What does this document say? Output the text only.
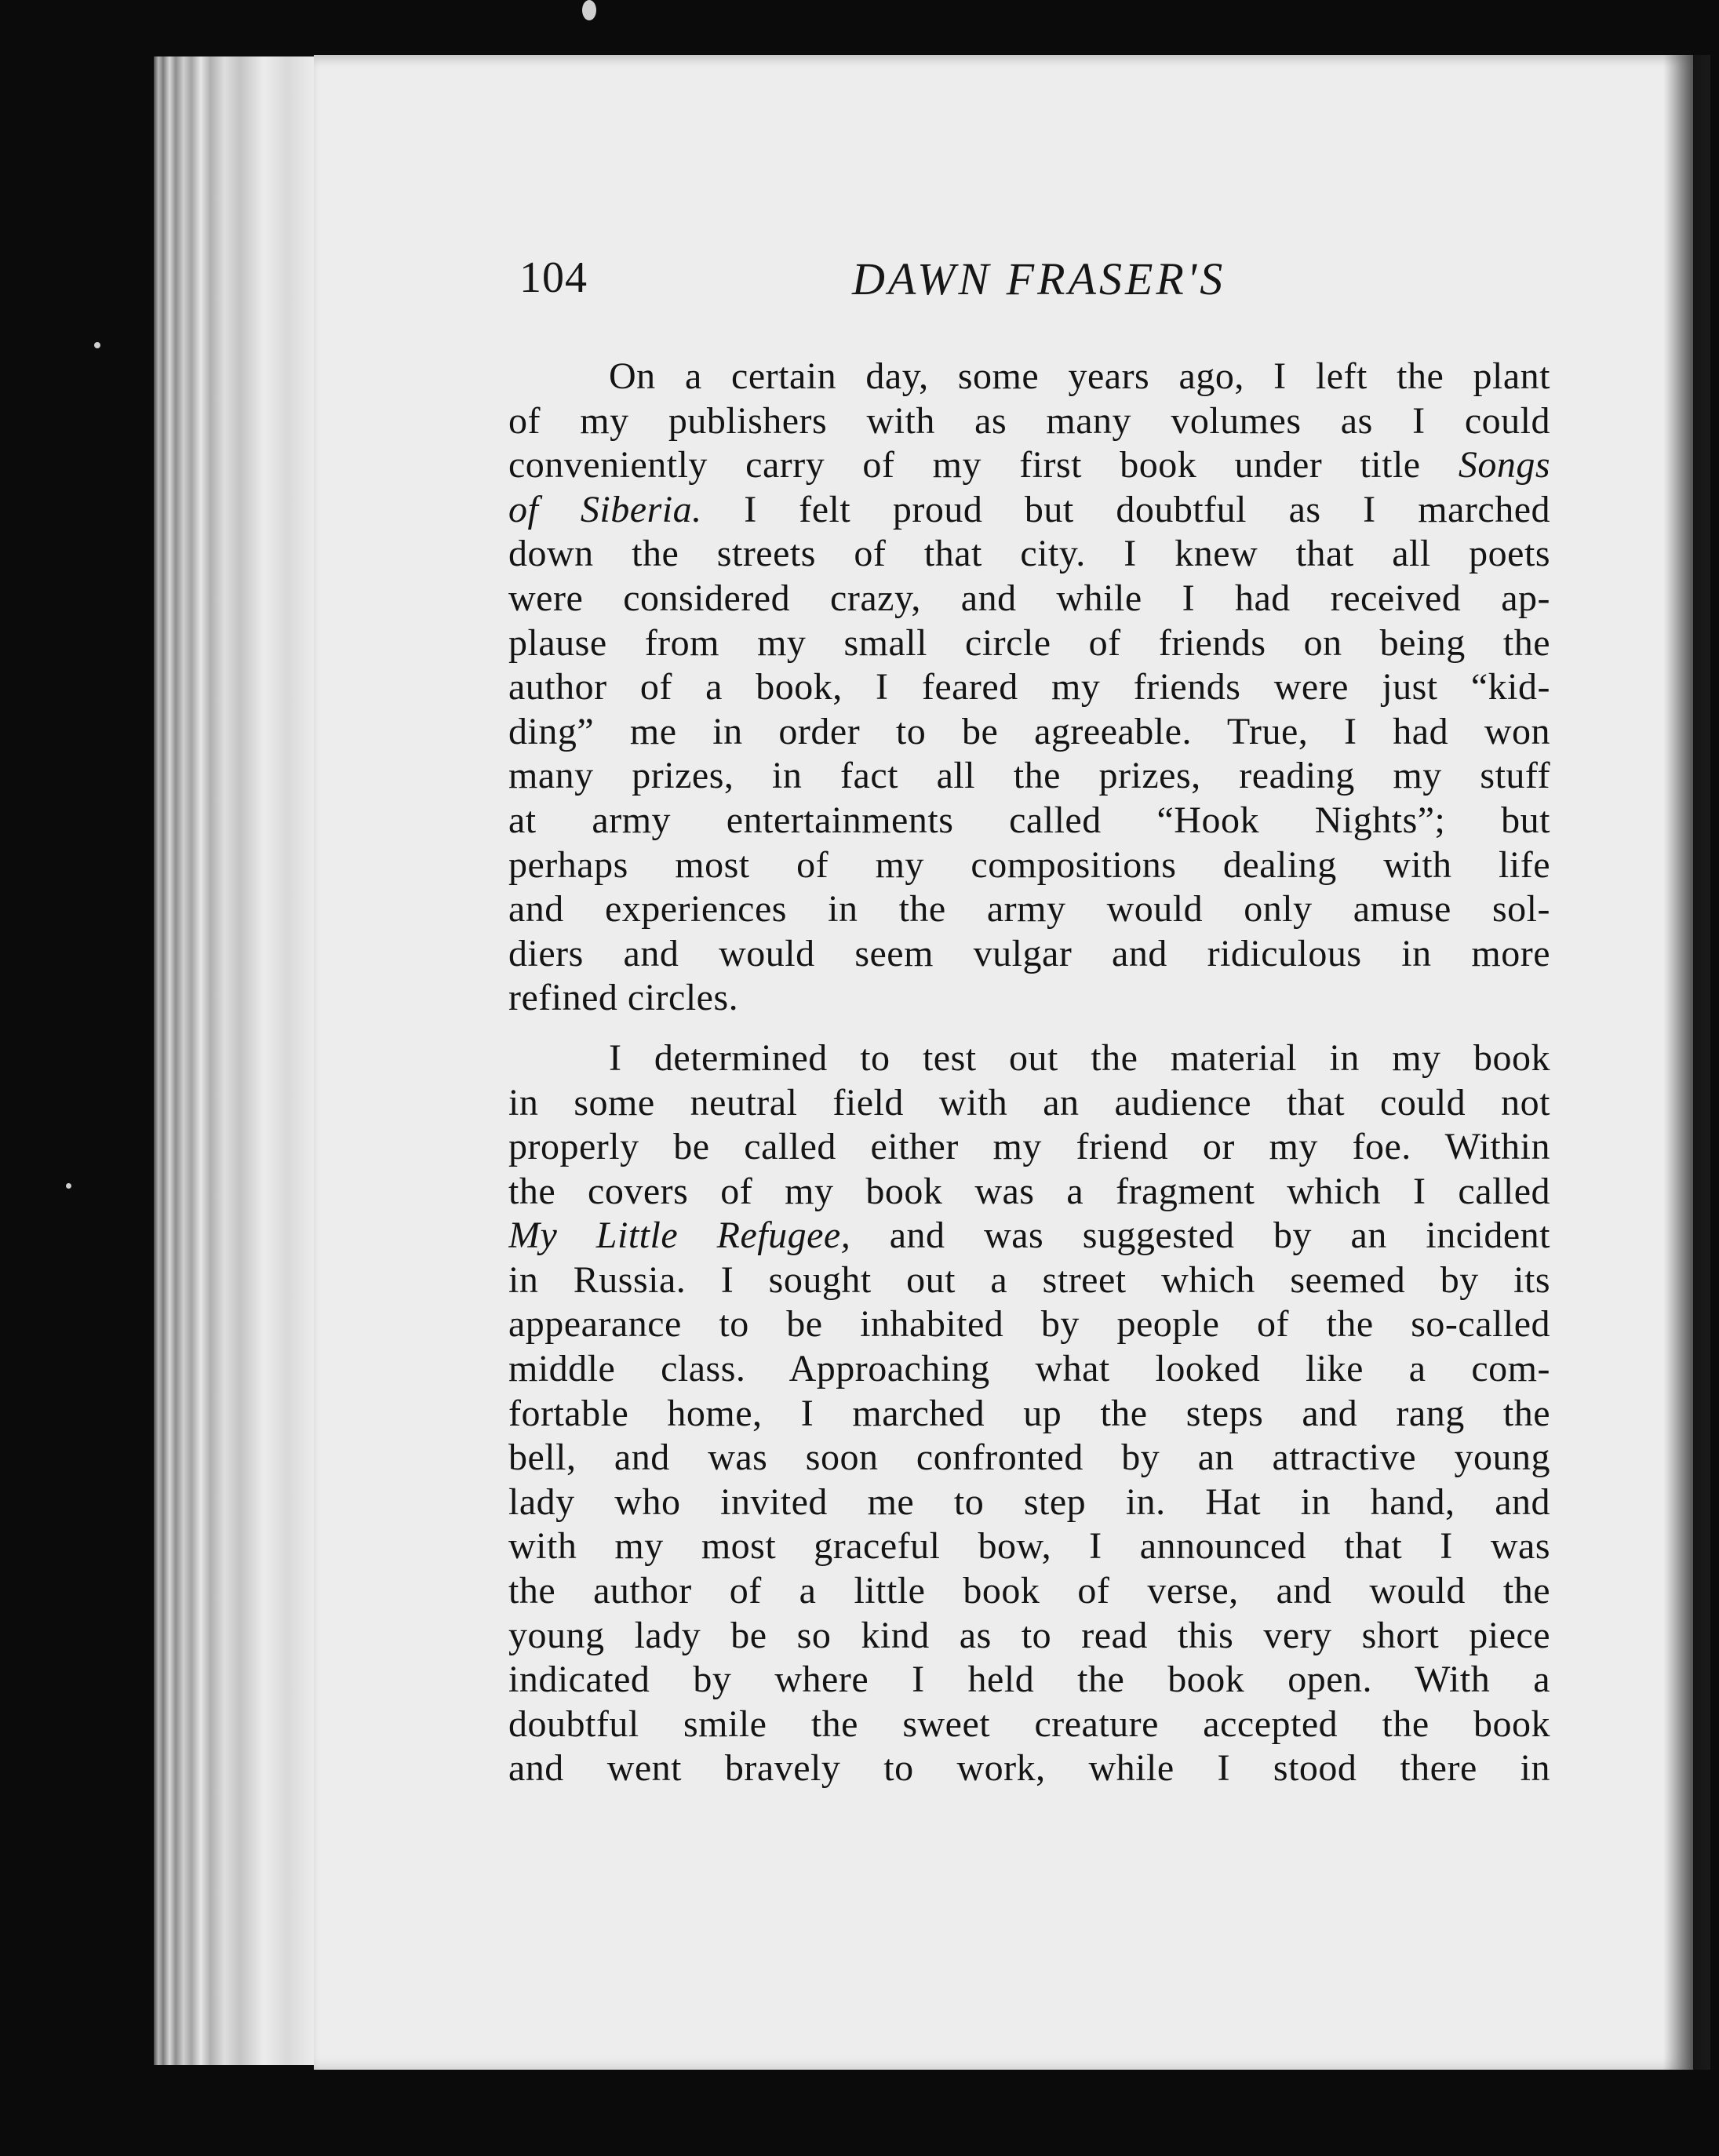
104	DAWN FRASER'S
On a certain day, some years ago, I left the plant
of my publishers with as many volumes as I could
conveniently carry of my first book under title Songs
of Siberia. I felt proud but doubtful as I marched
down the streets of that city. I knew that all poets
were considered crazy, and while I had received ap-
plause from my small circle of friends on being the
author of a book, I feared my friends were just “kid-
ding” me in order to be agreeable. True, I had won
many prizes, in fact all the prizes, reading my stuff
at army entertainments called “Hook Nights”; but
perhaps most of my compositions dealing with life
and experiences in the army would only amuse sol-
diers and would seem vulgar and ridiculous in more
refined circles.
I determined to test out the material in my book
in some neutral field with an audience that could not
properly be called either my friend or my foe. Within
the covers of my book was a fragment which I called
My Little Refugee, and was suggested by an incident
in Russia. I sought out a street which seemed by its
appearance to be inhabited by people of the so-called
middle class. Approaching what looked like a com-
fortable home, I marched up the steps and rang the
bell, and was soon confronted by an attractive young
lady who invited me to step in. Hat in hand, and
with my most graceful bow, I announced that I was
the author of a little book of verse, and would the
young lady be so kind as to read this very short piece
indicated by where I held the book open. With a
doubtful smile the sweet creature accepted the book
and went bravely to work, while I stood there in
